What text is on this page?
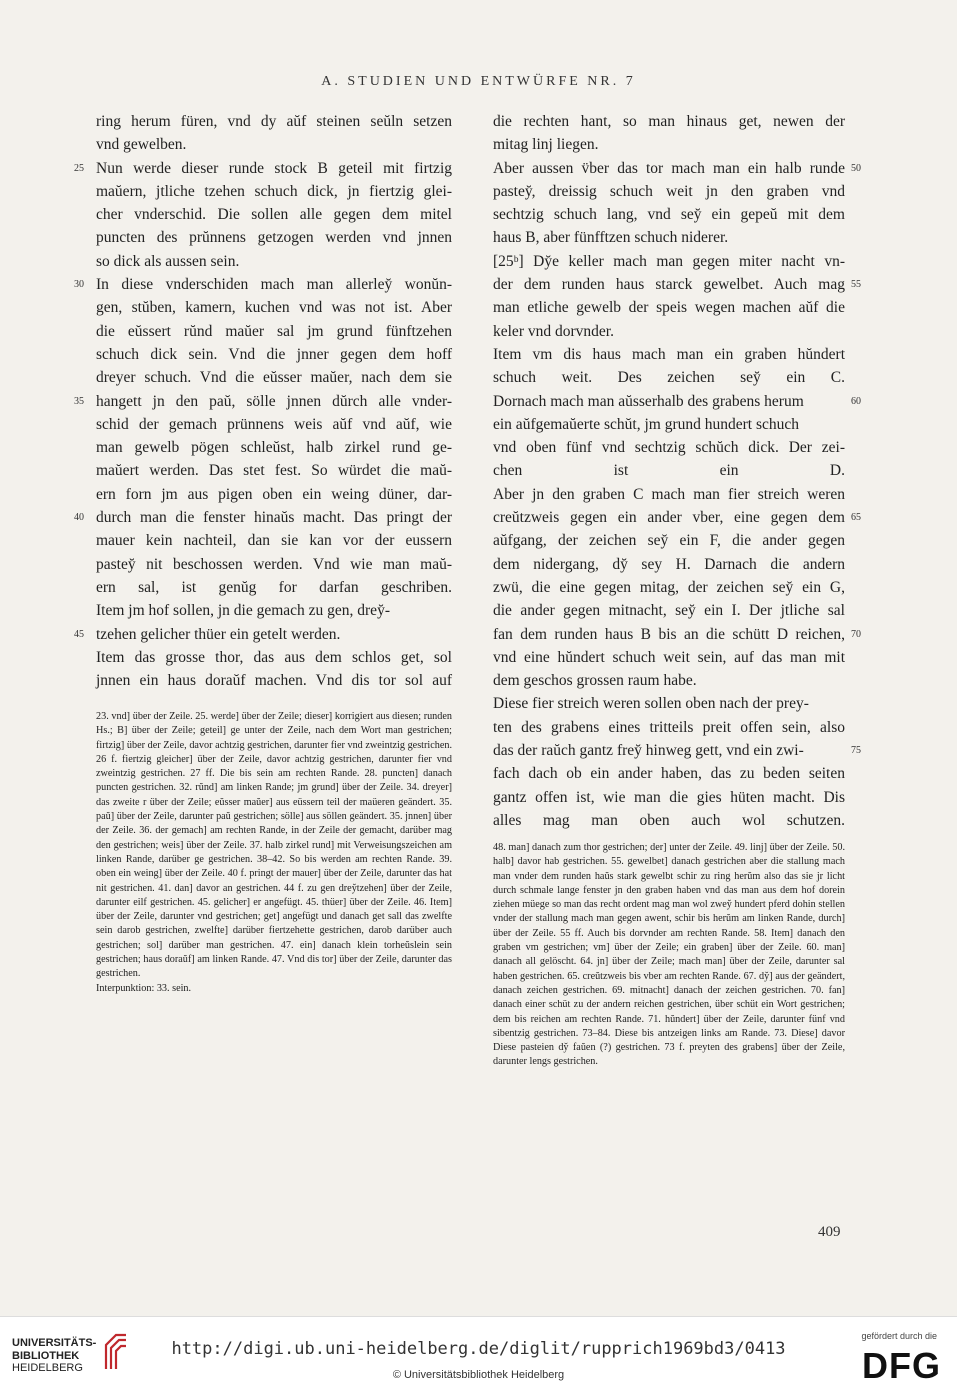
A. STUDIEN UND ENTWÜRFE NR. 7
ring herum füren, vnd dy aŭf steinen seŭln setzen
vnd gewelben.
Nun werde dieser runde stock B geteil mit firtzig
25
maŭern, jtliche tzehen schuch dick, jn fiertzig glei-
cher vnderschid. Die sollen alle gegen dem mitel
puncten des prŭnnens getzogen werden vnd jnnen
so dick als aussen sein.
In diese vnderschiden mach man allerley̆ wonŭn-
30
gen, stŭben, kamern, kuchen vnd was not ist. Aber
die eŭssert rŭnd maŭer sal jm grund fünftzehen
schuch dick sein. Vnd die jnner gegen dem hoff
dreyer schuch. Vnd die eŭsser maŭer, nach dem sie
hangett jn den paŭ, sölle jnnen dŭrch alle vnder-
35
schid der gemach prünnens weis aŭf vnd aŭf, wie
man gewelb pögen schleŭst, halb zirkel rund ge-
maŭert werden. Das stet fest. So würdet die maŭ-
ern forn jm aus pigen oben ein weing düner, dar-
durch man die fenster hinaŭs macht. Das pringt der
40
mauer kein nachteil, dan sie kan vor der eussern
pastey̆ nit beschossen werden. Vnd wie man maŭ-
ern sal, ist genŭg for darfan geschriben.
Item jm hof sollen, jn die gemach zu gen, drey̆-
tzehen gelicher thüer ein getelt werden.
45
Item das grosse thor, das aus dem schlos get, sol
jnnen ein haus doraŭf machen. Vnd dis tor sol auf
die rechten hant, so man hinaus get, newen der
mitag linj liegen.
Aber aussen v̈ber das tor mach man ein halb runde 50
pastey̆, dreissig schuch weit jn den graben vnd
sechtzig schuch lang, vnd sey̆ ein gepeŭ mit dem
haus B, aber fünfftzen schuch niderer.
[25ᵇ] Dy̆e keller mach man gegen miter nacht vn-
der dem runden haus starck gewelbet. Auch mag 55
man etliche gewelb der speis wegen machen aŭf die
keler vnd dorvnder.
Item vm dis haus mach man ein graben hŭndert
schuch weit. Des zeichen sey̆ ein C.
Dornach mach man aŭsserhalb des grabens herum	60
ein aŭfgemaŭerte schŭt, jm grund hundert schuch
vnd oben fünf vnd sechtzig schŭch dick. Der zei-
chen ist ein D.
Aber jn den graben C mach man fier streich weren
creŭtzweis gegen ein ander vber, eine gegen dem 65
aŭfgang, der zeichen sey̆ ein F, die ander gegen
dem nidergang, dy̆ sey H. Darnach die andern
zwü, die eine gegen mitag, der zeichen sey̆ ein G,
die ander gegen mitnacht, sey̆ ein I. Der jtliche sal
fan dem runden haus B bis an die schütt D reichen, 70
vnd eine hŭndert schuch weit sein, auf das man mit
dem geschos grossen raum habe.
Diese fier streich weren sollen oben nach der prey-
ten des grabens eines tritteils preit offen sein, also
das der raŭch gantz frey̆ hinweg gett, vnd ein zwi-	75
fach dach ob ein ander haben, das zu beden seiten
gantz offen ist, wie man die gies hüten macht. Dis
alles mag man oben auch wol schutzen.

23. vnd] über der Zeile. 25. werde] über der Zeile; dieser] korrigiert aus diesen; runden Hs.; B] über der Zeile; geteil] ge unter der Zeile, nach dem Wort man gestrichen; firtzig] über der Zeile, davor achtzig gestrichen, darunter fier vnd zweintzig gestrichen. 26 f. fiertzig gleicher] über der Zeile, davor achtzig gestrichen, darunter fier vnd zweintzig gestrichen. 27 ff. Die bis sein am rechten Rande. 28. puncten] danach puncten gestrichen. 32. rŭnd] am linken Rande; jm grund] über der Zeile. 34. dreyer] das zweite r über der Zeile; eŭsser maŭer] aus eüssern teil der maüeren geändert. 35. paŭ] über der Zeile, darunter paŭ gestrichen; sölle] aus söllen geändert. 35. jnnen] über der Zeile. 36. der gemach] am rechten Rande, in der Zeile der gemacht, darüber mag den gestrichen; weis] über der Zeile. 37. halb zirkel rund] mit Verweisungszeichen am linken Rande, darüber ge gestrichen. 38–42. So bis werden am rechten Rande. 39. oben ein weing] über der Zeile. 40 f. pringt der mauer] über der Zeile, darunter das hat nit gestrichen. 41. dan] davor an gestrichen. 44 f. zu gen drey̆tzehen] über der Zeile, darunter eilf gestrichen. 45. gelicher] er angefügt. 45. thüer] über der Zeile. 46. Item] über der Zeile, darunter vnd gestrichen; get] angefügt und danach get sall das zwelfte sein darob gestrichen, zwelfte] darüber fiertzehette gestrichen, darob darüber auch gestrichen; sol] darüber man gestrichen. 47. ein] danach klein torheŭslein sein gestrichen; haus doraŭf] am linken Rande. 47. Vnd dis tor] über der Zeile, darunter das gestrichen.

Interpunktion: 33. sein.

48. man] danach zum thor gestrichen; der] unter der Zeile. 49. linj] über der Zeile. 50. halb] davor hab gestrichen. 55. gewelbet] danach gestrichen aber die stallung mach man vnder dem runden haŭs stark gewelbt schir zu ring herŭm also das sie jr licht durch schmale lange fenster jn den graben haben vnd das man aus dem hof dorein ziehen müege so man das recht ordent mag man wol zwey̆ hundert pferd dohin stellen vnder der stallung mach man gegen awent, schir bis herŭm am linken Rande, durch] über der Zeile. 55 ff. Auch bis dorvnder am rechten Rande. 58. Item] danach den graben vm gestrichen; vm] über der Zeile; ein graben] über der Zeile. 60. man] danach all gelöscht. 64. jn] über der Zeile; mach man] über der Zeile, darunter sal haben gestrichen. 65. creŭtzweis bis vber am rechten Rande. 67. dy̆] aus der geändert, danach zeichen gestrichen. 69. mitnacht] danach der zeichen gestrichen. 70. fan] danach einer schüt zu der andern reichen gestrichen, über schüt ein Wort gestrichen; dem bis reichen am rechten Rande. 71. hŭndert] über der Zeile, darunter fünf vnd sibentzig gestrichen. 73–84. Diese bis antzeigen links am Rande. 73. Diese] davor Diese pasteien dy̆ faŭen (?) gestrichen. 73 f. preyten des grabens] über der Zeile, darunter lengs gestrichen.

409
UNIVERSITÄTS-
BIBLIOTHEK
HEIDELBERG
http://digi.ub.uni-heidelberg.de/diglit/rupprich1969bd3/0413
© Universitätsbibliothek Heidelberg
gefördert durch die
DFG
